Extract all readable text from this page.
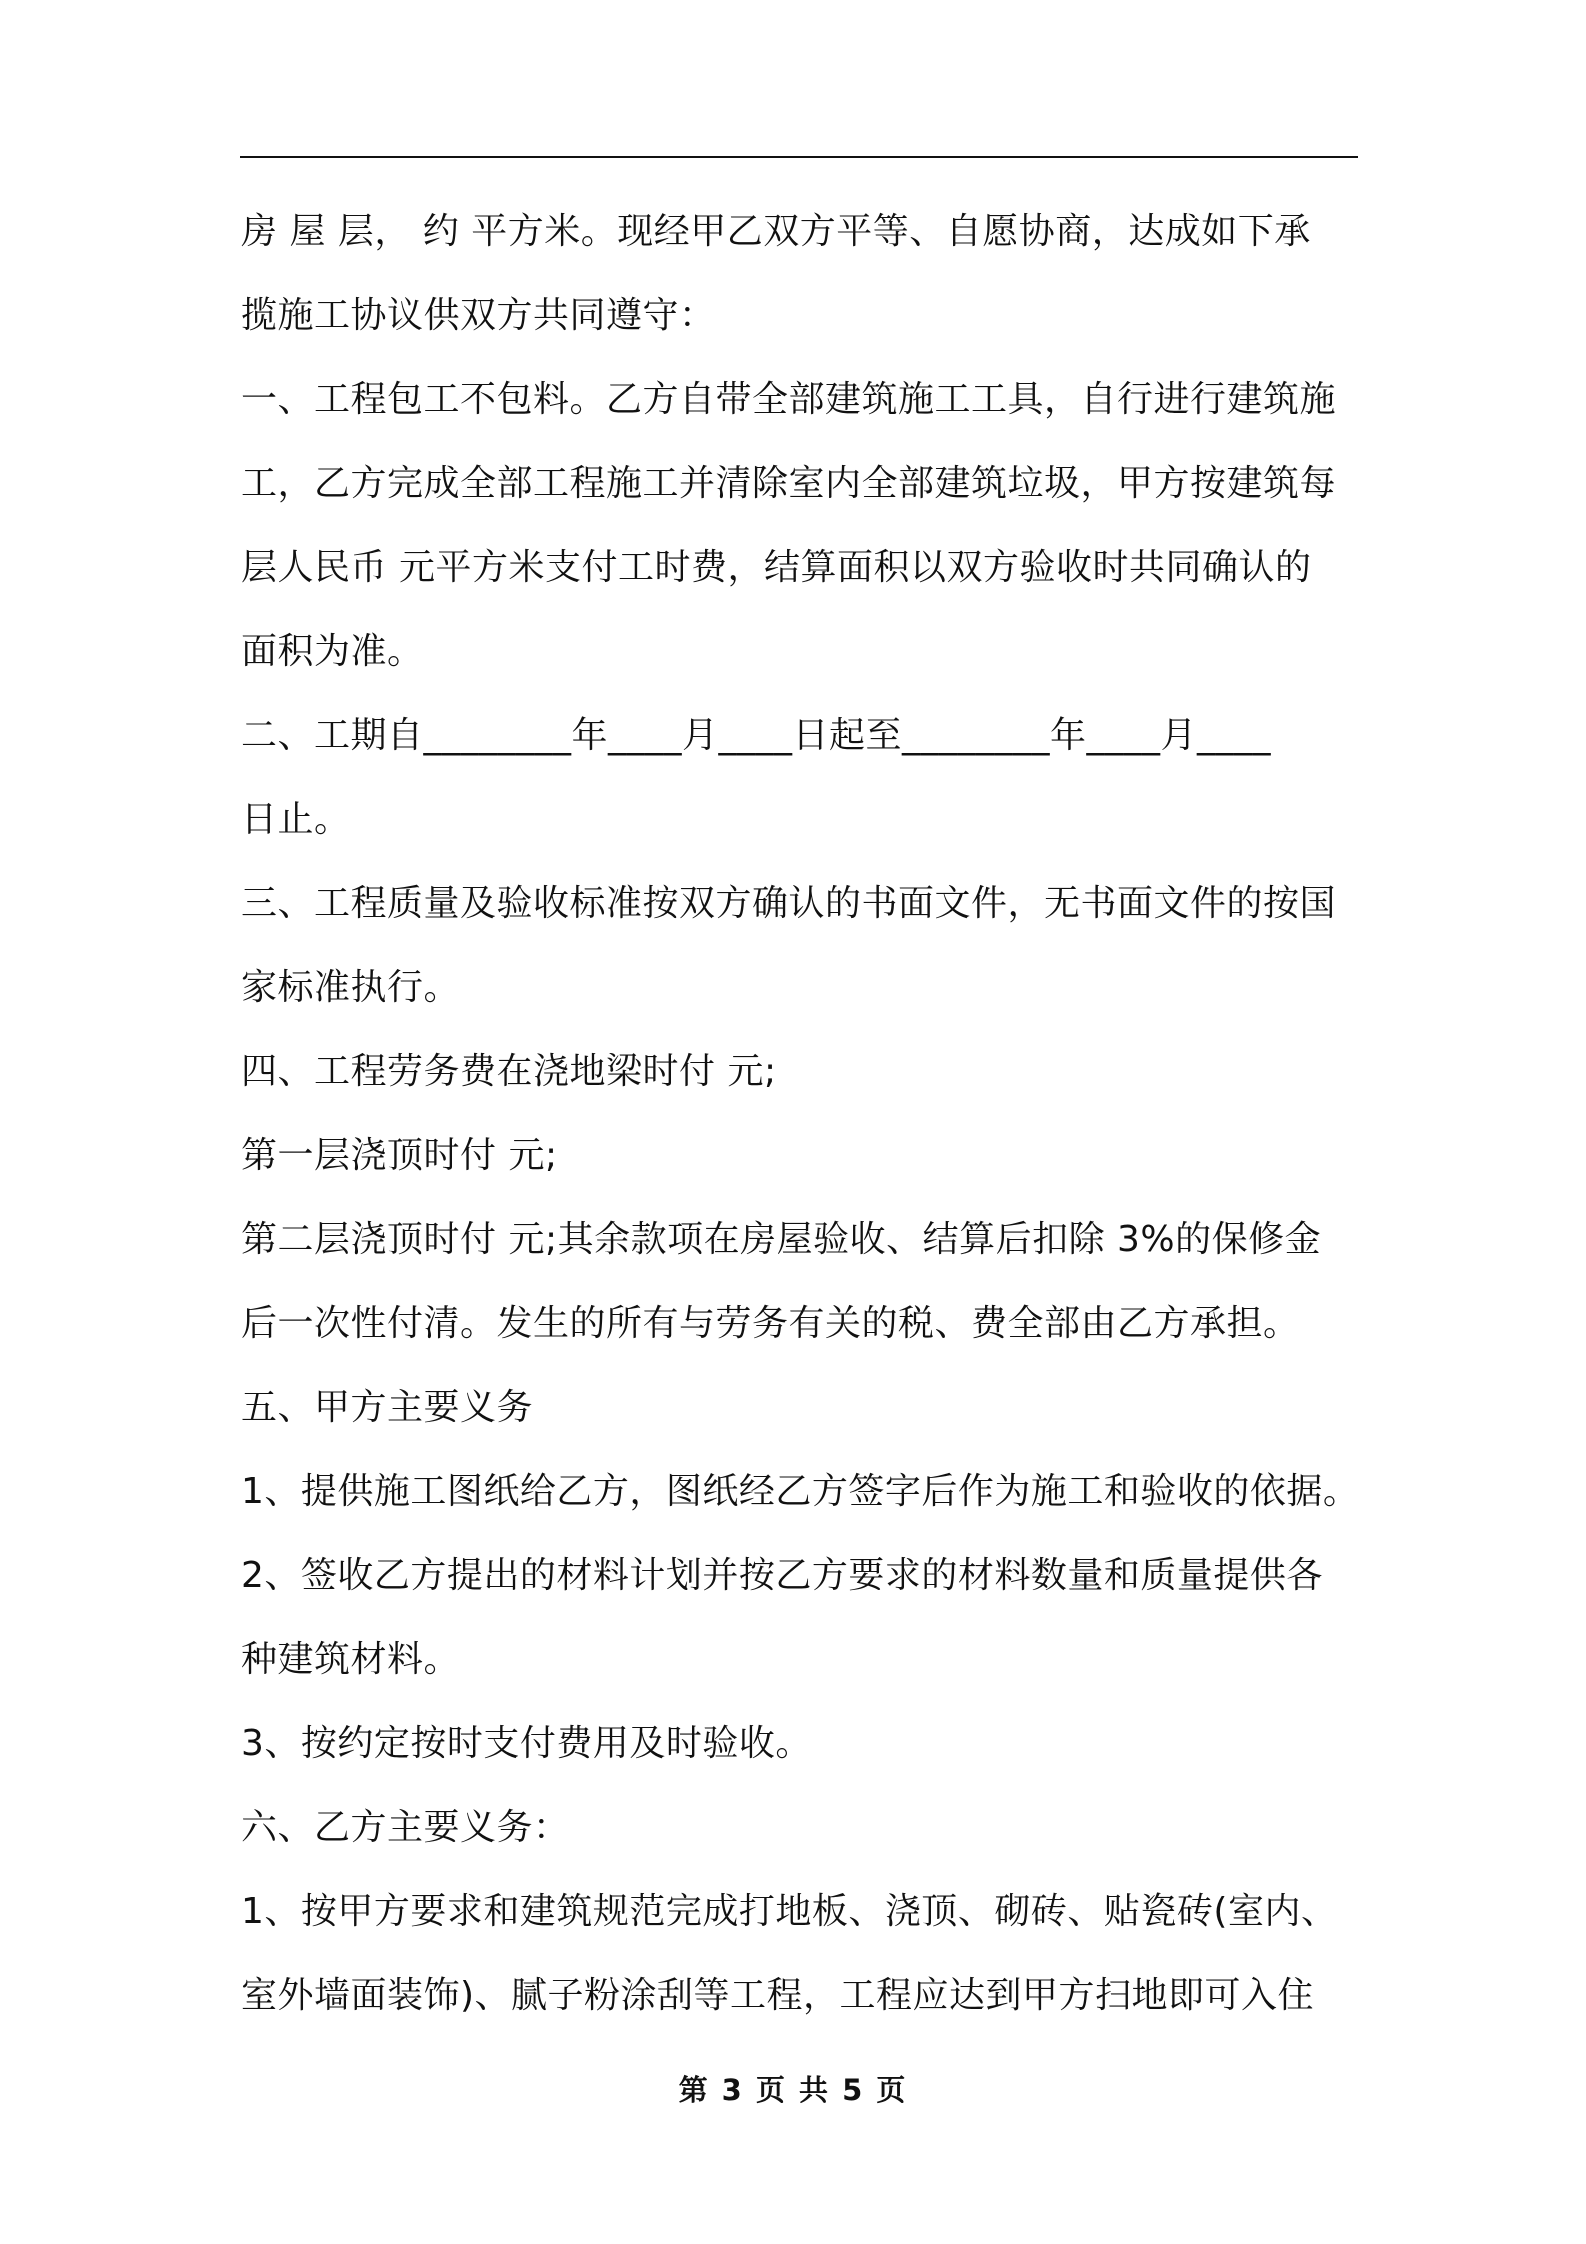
房 屋 层， 约 平方米。现经甲乙双方平等、自愿协商，达成如下承
揽施工协议供双方共同遵守：
一、工程包工不包料。乙方自带全部建筑施工工具，自行进行建筑施
工，乙方完成全部工程施工并清除室内全部建筑垃圾，甲方按建筑每
层人民币 元平方米支付工时费，结算面积以双方验收时共同确认的
面积为准。
二、工期自________年____月____日起至________年____月____
日止。
三、工程质量及验收标准按双方确认的书面文件，无书面文件的按国
家标准执行。
四、工程劳务费在浇地梁时付 元;
第一层浇顶时付 元;
第二层浇顶时付 元;其余款项在房屋验收、结算后扣除 3%的保修金
后一次性付清。发生的所有与劳务有关的税、费全部由乙方承担。
五、甲方主要义务
1、提供施工图纸给乙方，图纸经乙方签字后作为施工和验收的依据。
2、签收乙方提出的材料计划并按乙方要求的材料数量和质量提供各
种建筑材料。
3、按约定按时支付费用及时验收。
六、乙方主要义务：
1、按甲方要求和建筑规范完成打地板、浇顶、砌砖、贴瓷砖(室内、
室外墙面装饰)、腻子粉涂刮等工程，工程应达到甲方扫地即可入住
第 3 页 共 5 页
